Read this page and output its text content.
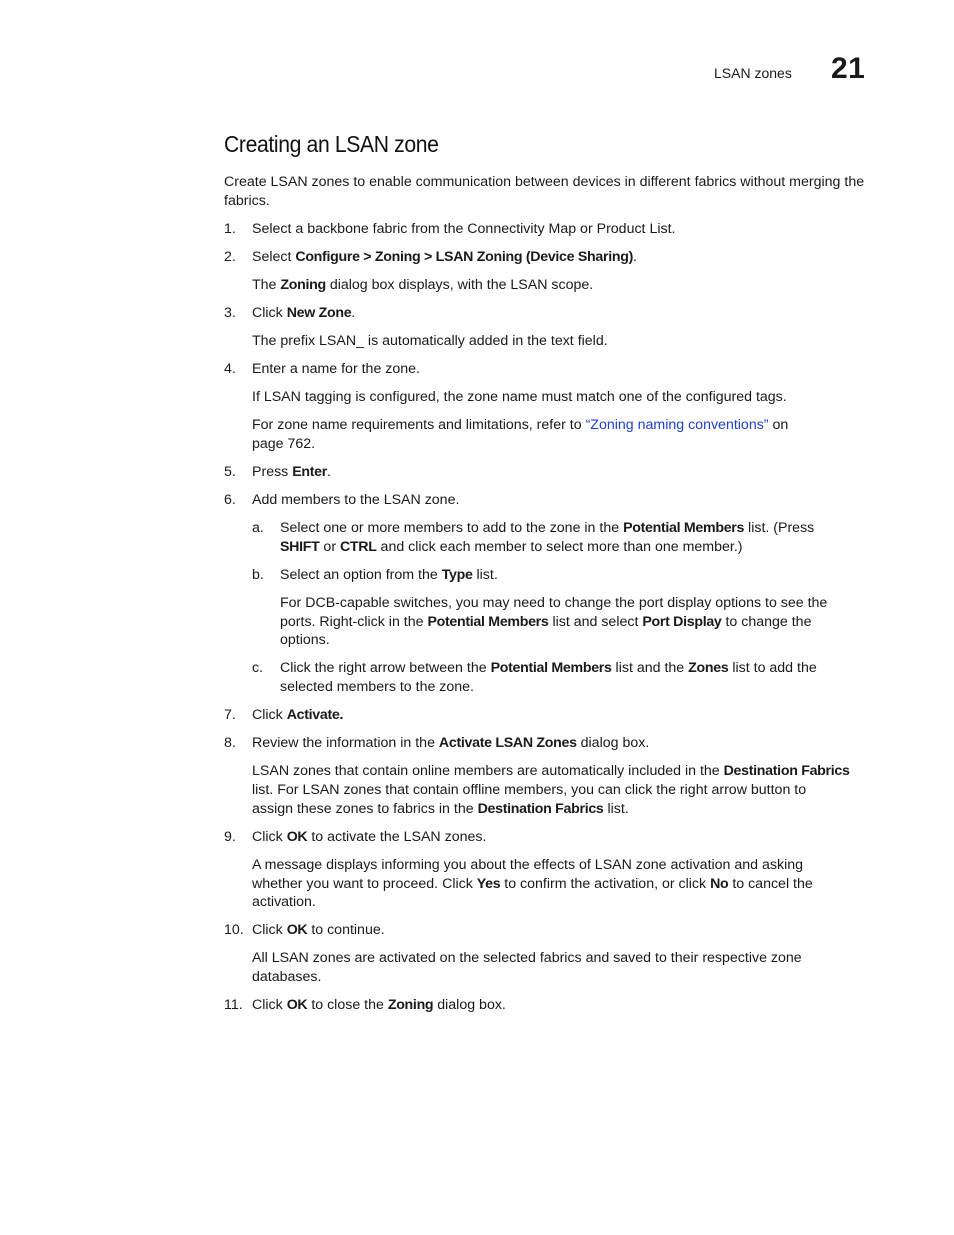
LSAN zones 21
Creating an LSAN zone

Create LSAN zones to enable communication between devices in different fabrics without merging the fabrics.

1. Select a backbone fabric from the Connectivity Map or Product List.

2. Select Configure > Zoning > LSAN Zoning (Device Sharing).

The Zoning dialog box displays, with the LSAN scope.

3. Click New Zone.

The prefix LSAN_ is automatically added in the text field.

4. Enter a name for the zone.

If LSAN tagging is configured, the zone name must match one of the configured tags.

For zone name requirements and limitations, refer to “Zoning naming conventions” on

page 762.

5. Press Enter.

6. Add members to the LSAN zone.

a. Select one or more members to add to the zone in the Potential Members list. (Press

SHIFT or CTRL and click each member to select more than one member.)

b. Select an option from the Type list.

For DCB-capable switches, you may need to change the port display options to see the

ports. Right-click in the Potential Members list and select Port Display to change the

options.

c. Click the right arrow between the Potential Members list and the Zones list to add the

selected members to the zone.

7. Click Activate.

8. Review the information in the Activate LSAN Zones dialog box.

LSAN zones that contain online members are automatically included in the Destination Fabrics

list. For LSAN zones that contain offline members, you can click the right arrow button to

assign these zones to fabrics in the Destination Fabrics list.

9. Click OK to activate the LSAN zones.

A message displays informing you about the effects of LSAN zone activation and asking

whether you want to proceed. Click Yes to confirm the activation, or click No to cancel the

activation.

10. Click OK to continue.

All LSAN zones are activated on the selected fabrics and saved to their respective zone

databases.

11. Click OK to close the Zoning dialog box.
